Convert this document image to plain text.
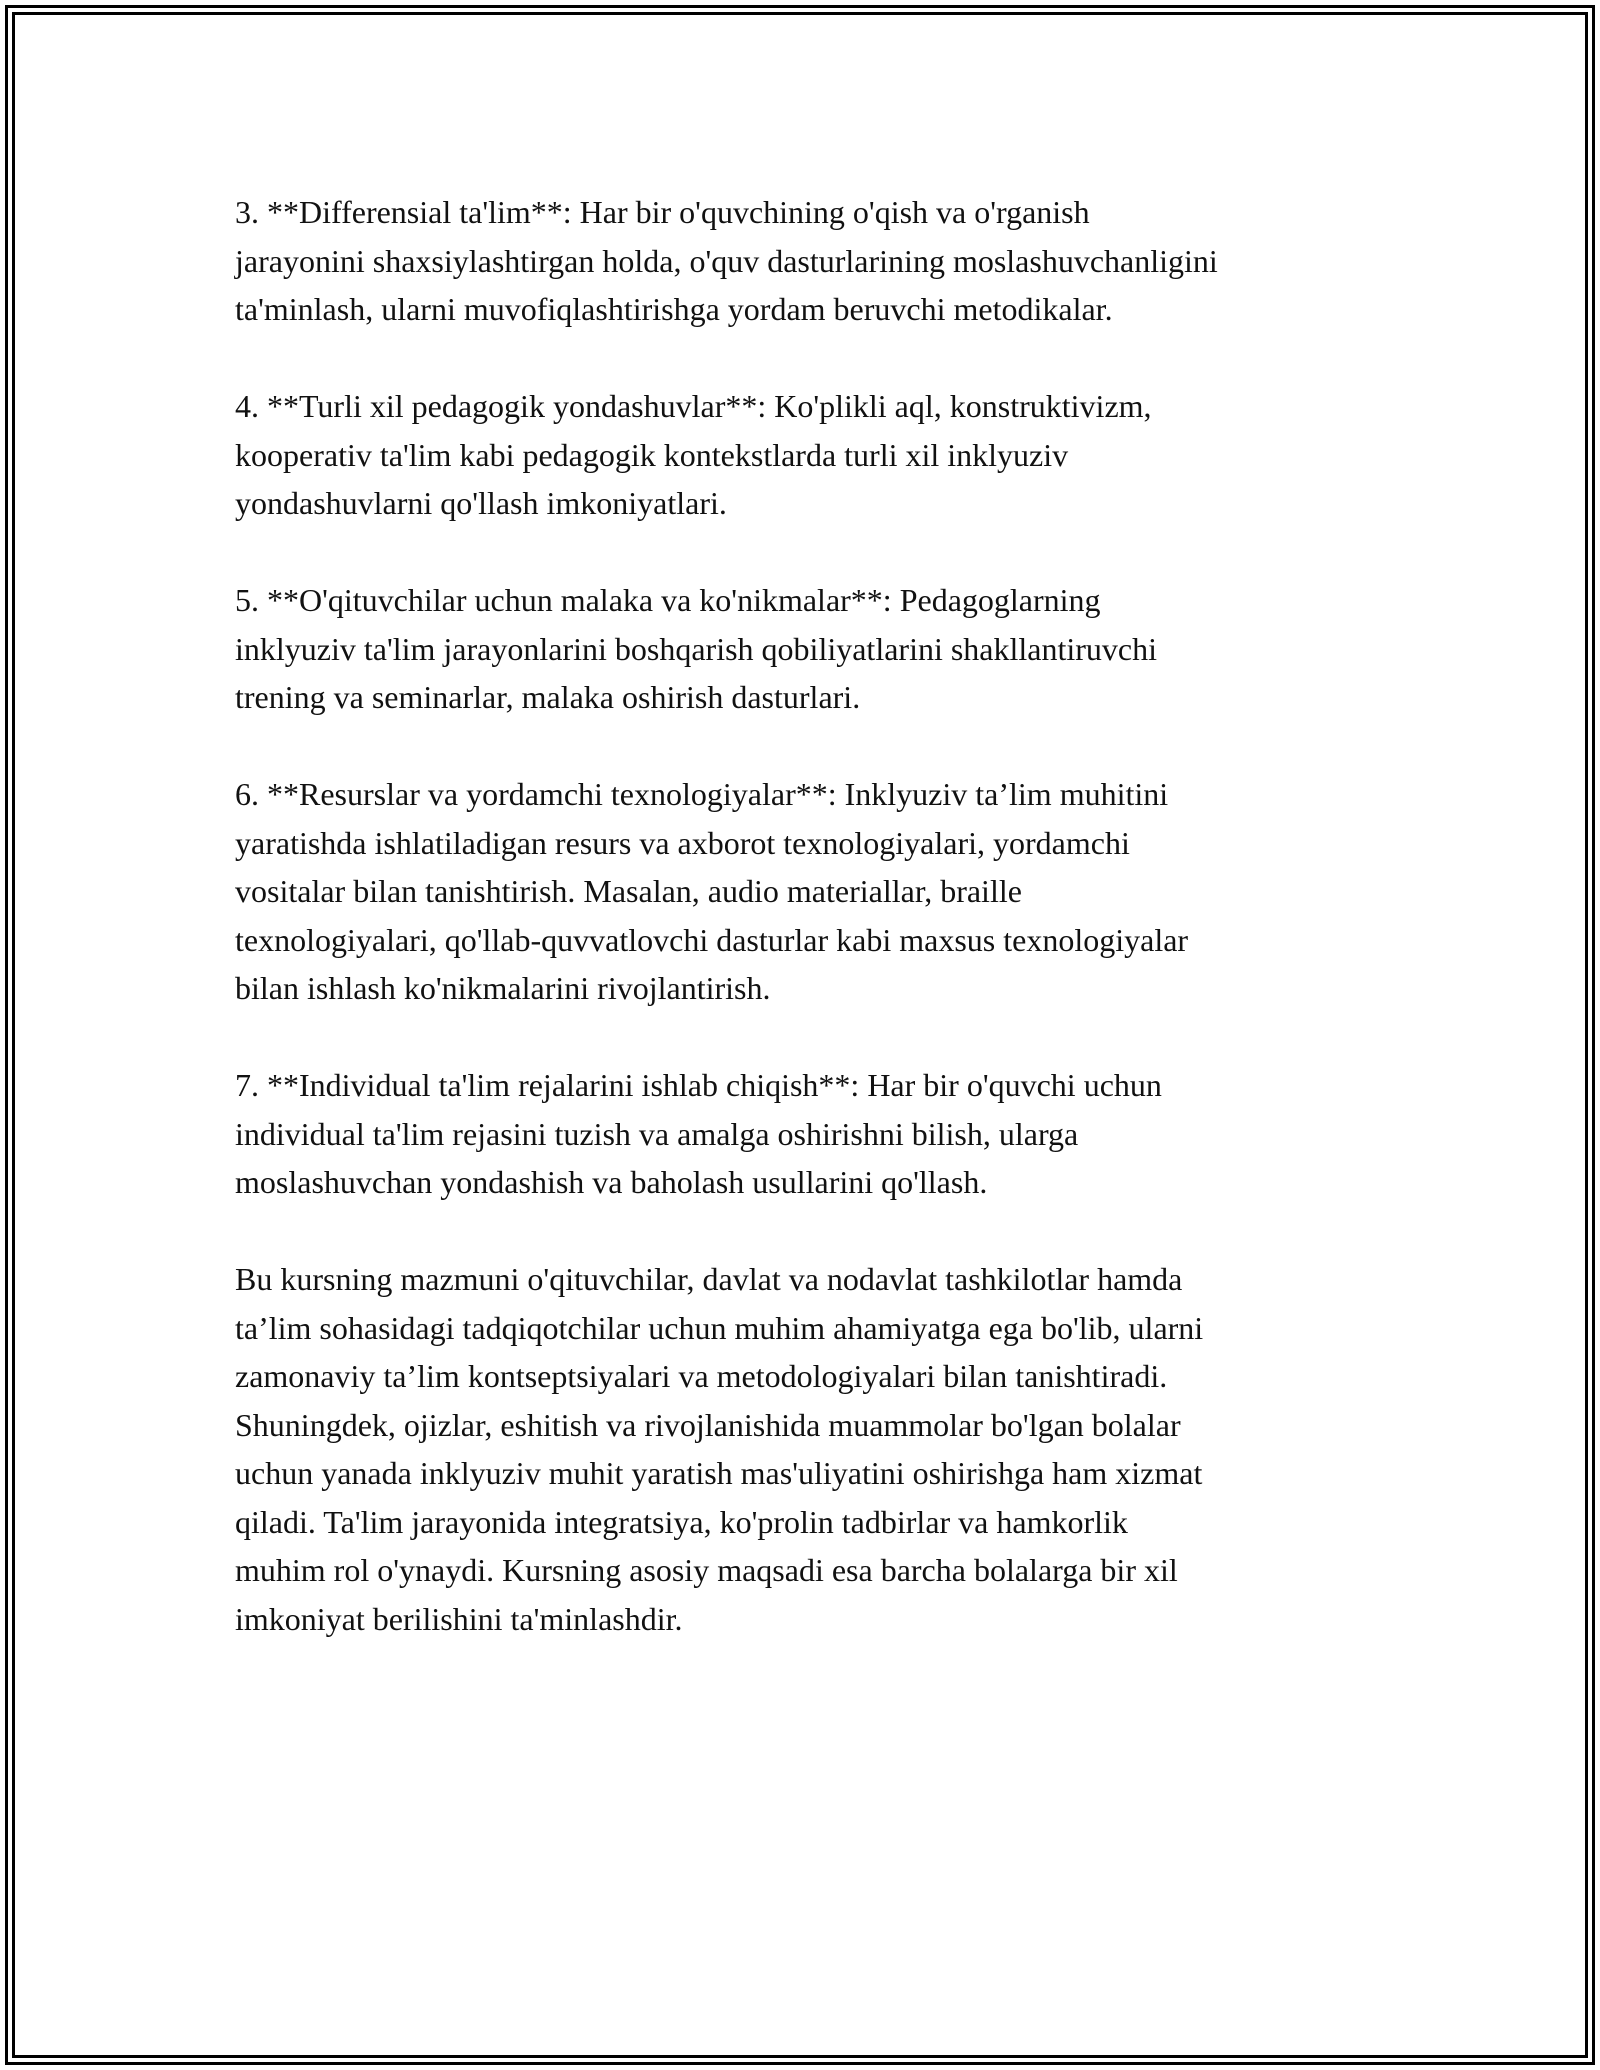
3. **Differensial ta'lim**: Har bir o'quvchining o'qish va o'rganish
jarayonini shaxsiylashtirgan holda, o'quv dasturlarining moslashuvchanligini
ta'minlash, ularni muvofiqlashtirishga yordam beruvchi metodikalar.

4. **Turli xil pedagogik yondashuvlar**: Ko'plikli aql, konstruktivizm,
kooperativ ta'lim kabi pedagogik kontekstlarda turli xil inklyuziv
yondashuvlarni qo'llash imkoniyatlari.

5. **O'qituvchilar uchun malaka va ko'nikmalar**: Pedagoglarning
inklyuziv ta'lim jarayonlarini boshqarish qobiliyatlarini shakllantiruvchi
trening va seminarlar, malaka oshirish dasturlari.

6. **Resurslar va yordamchi texnologiyalar**: Inklyuziv ta’lim muhitini
yaratishda ishlatiladigan resurs va axborot texnologiyalari, yordamchi
vositalar bilan tanishtirish. Masalan, audio materiallar, braille
texnologiyalari, qo'llab-quvvatlovchi dasturlar kabi maxsus texnologiyalar
bilan ishlash ko'nikmalarini rivojlantirish.

7. **Individual ta'lim rejalarini ishlab chiqish**: Har bir o'quvchi uchun
individual ta'lim rejasini tuzish va amalga oshirishni bilish, ularga
moslashuvchan yondashish va baholash usullarini qo'llash.

Bu kursning mazmuni o'qituvchilar, davlat va nodavlat tashkilotlar hamda
ta’lim sohasidagi tadqiqotchilar uchun muhim ahamiyatga ega bo'lib, ularni
zamonaviy ta’lim kontseptsiyalari va metodologiyalari bilan tanishtiradi.
Shuningdek, ojizlar, eshitish va rivojlanishida muammolar bo'lgan bolalar
uchun yanada inklyuziv muhit yaratish mas'uliyatini oshirishga ham xizmat
qiladi. Ta'lim jarayonida integratsiya, ko'prolin tadbirlar va hamkorlik
muhim rol o'ynaydi. Kursning asosiy maqsadi esa barcha bolalarga bir xil
imkoniyat berilishini ta'minlashdir.
